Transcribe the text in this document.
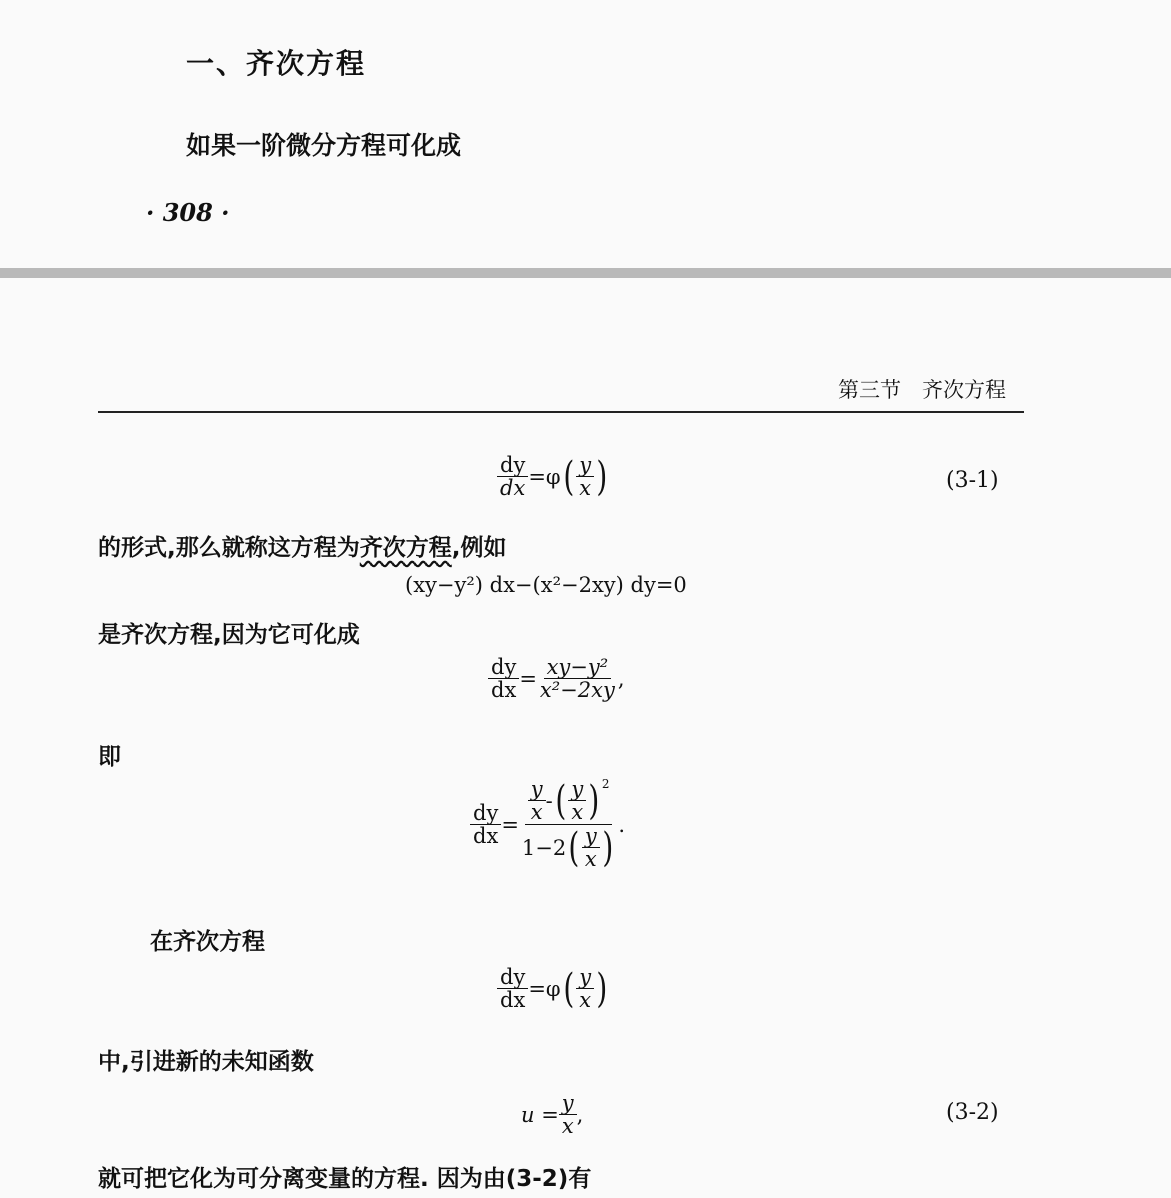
一、齐次方程
如果一阶微分方程可化成
· 308 ·
第三节　齐次方程
$\frac{dy}{dx} =\varphi$ ( $\frac{y}{x}$ )	(3-1)
的形式,那么就称这方程为齐次方程,例如
(xy−y²) dx−(x²−2xy) dy=0
是齐次方程,因为它可化成
$\frac{dy}{dx} = \frac{\text{xy−y²}}{\text{x²−2xy}}$ ,
即
$\frac{dy}{dx} = \frac{\frac{y}{x} - ( \frac{y}{x} )^2}{1-2 ( \frac{y}{x} )}$ .
在齐次方程
$\frac{dy}{dx} =\varphi$ ( $\frac{y}{x}$ )
中,引进新的未知函数
$u = \frac{y}{x}$ ,	(3-2)
就可把它化为可分离变量的方程. 因为由(3-2)有
